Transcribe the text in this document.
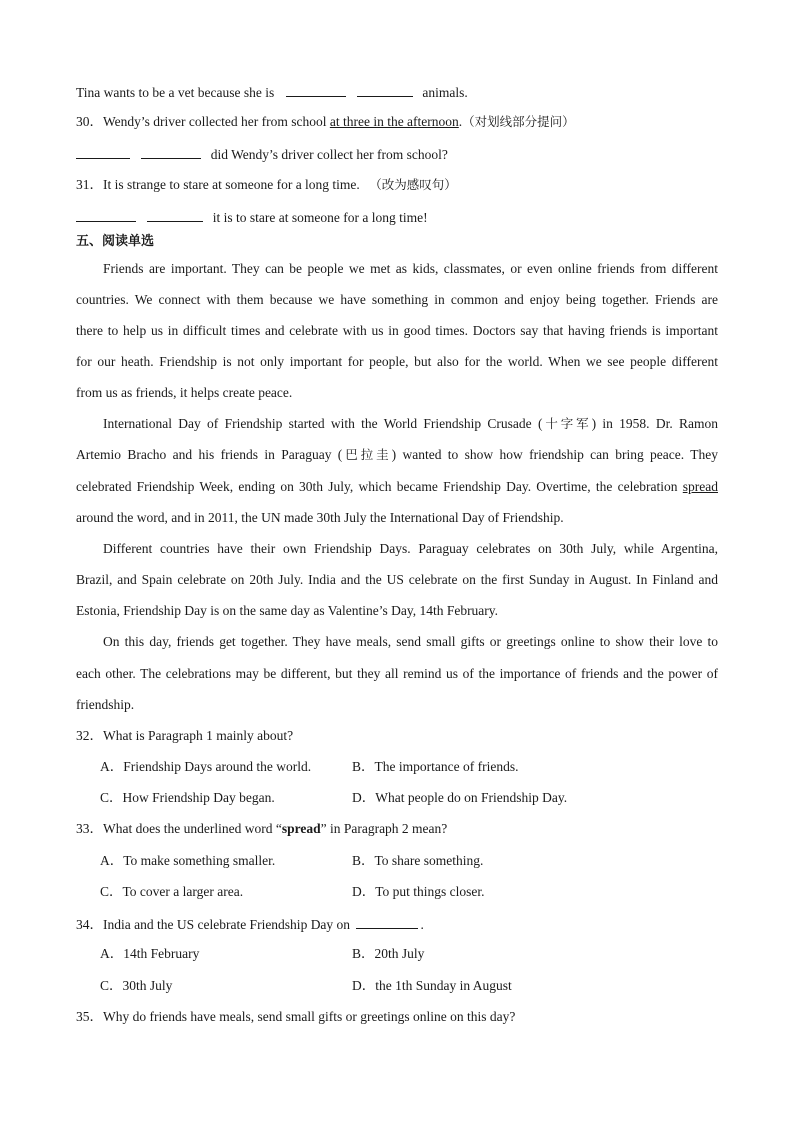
Tina wants to be a vet because she is	animals.
30．Wendy’s driver collected her from school at three in the afternoon.（对划线部分提问）
did Wendy’s driver collect her from school?
31．It is strange to stare at someone for a long time. （改为感叹句）
it is to stare at someone for a long time!
五、阅读单选
Friends are important. They can be people we met as kids, classmates, or even online friends from different
countries. We connect with them because we have something in common and enjoy being together. Friends are
there to help us in difficult times and celebrate with us in good times. Doctors say that having friends is important
for our heath. Friendship is not only important for people, but also for the world. When we see people different
from us as friends, it helps create peace.
International Day of Friendship started with the World Friendship Crusade (十字军) in 1958. Dr. Ramon
Artemio Bracho and his friends in Paraguay (巴拉圭) wanted to show how friendship can bring peace. They
celebrated Friendship Week, ending on 30th July, which became Friendship Day. Overtime, the celebration spread
around the word, and in 2011, the UN made 30th July the International Day of Friendship.
Different countries have their own Friendship Days. Paraguay celebrates on 30th July, while Argentina,
Brazil, and Spain celebrate on 20th July. India and the US celebrate on the first Sunday in August. In Finland and
Estonia, Friendship Day is on the same day as Valentine’s Day, 14th February.
On this day, friends get together. They have meals, send small gifts or greetings online to show their love to
each other. The celebrations may be different, but they all remind us of the importance of friends and the power of
friendship.
32．What is Paragraph 1 mainly about?
A．Friendship Days around the world.	B．The importance of friends.
C．How Friendship Day began.	D．What people do on Friendship Day.
33．What does the underlined word “spread” in Paragraph 2 mean?
A．To make something smaller.	B．To share something.
C．To cover a larger area.	D．To put things closer.
34．India and the US celebrate Friendship Day on	.
A．14th February	B．20th July
C．30th July	D．the 1th Sunday in August
35．Why do friends have meals, send small gifts or greetings online on this day?
